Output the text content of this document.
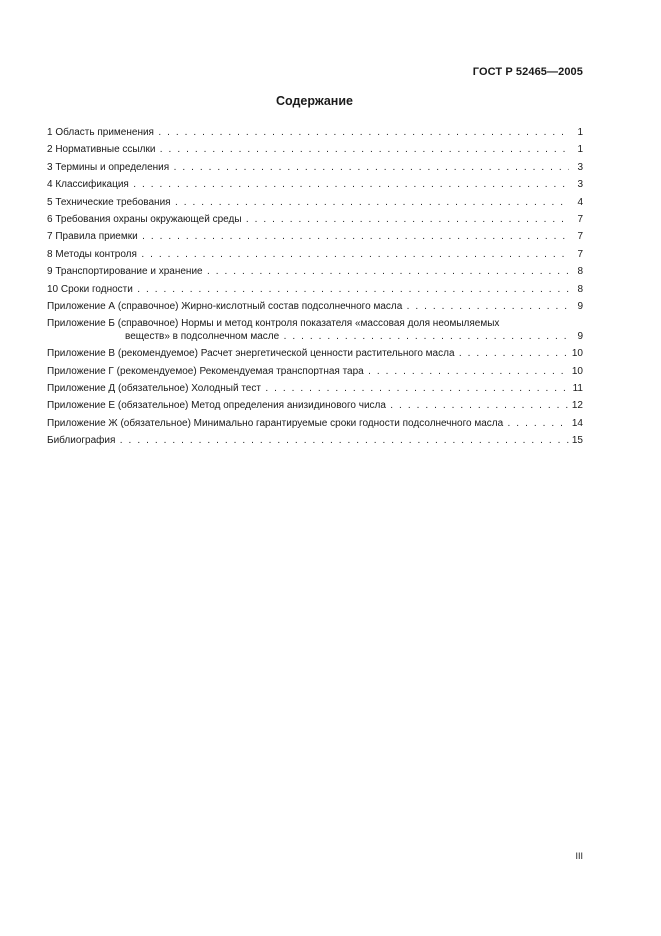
ГОСТ Р 52465—2005
Содержание
1 Область применения . . .	1
2 Нормативные ссылки . . .	1
3 Термины и определения . . .	3
4 Классификация . . .	3
5 Технические требования . . .	4
6 Требования охраны окружающей среды . . .	7
7 Правила приемки . . .	7
8 Методы контроля . . .	7
9 Транспортирование и хранение . . .	8
10 Сроки годности . . .	8
Приложение А (справочное) Жирно-кислотный состав подсолнечного масла . . .	9
Приложение Б (справочное) Нормы и метод контроля показателя «массовая доля неомыляемых
веществ» в подсолнечном масле . . .	9
Приложение В (рекомендуемое) Расчет энергетической ценности растительного масла . . .	10
Приложение Г (рекомендуемое) Рекомендуемая транспортная тара . . .	10
Приложение Д (обязательное) Холодный тест . . .	11
Приложение Е (обязательное) Метод определения анизидинового числа . . .	12
Приложение Ж (обязательное) Минимально гарантируемые сроки годности подсолнечного масла . . .	14
Библиография . . .	15
III
